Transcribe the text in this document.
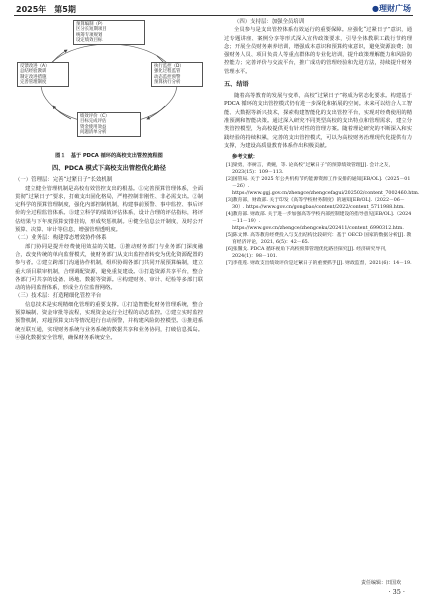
2025年　第5期	●理财广场
预算编制（P）
区分长短期项目
统筹专项规划
设定绩效目标
反馈改进（A）
总结经验教训
制定改进措施
完善管理制度
执行监控（D）
强化过程监管
动态监控预警
预算执行分析
绩效评价（C）
目标完成评估
资金使用效益
问题清单分析
图１　基于 PDCA 循环的高校支出管控流程图
四、PDCA 模式下高校支出管控优化路径

（一）管理层：完善“过紧日子”长效机制

建立健全管理机制是高校有效管控支出的根基。①完善预算管理体系，全面贯彻“过紧日子”要求，打破支出固化格局，严格控制非刚性、非必需支出。②制定科学的预算管理制度，强化内部控制机制，构建事前预警、事中监控、事后评价的全过程监管体系。③建立科学的绩效评估体系，设计合理的评估指标，将评估结果与下年度预算安排挂钩，形成奖惩机制。④健全信息公开制度，及时公开预算、决算、审计等信息，增强管理透明度。

（二）业务层：构建常态增效协作体系

部门协同是提升经费使用效益的关键。①推动财务部门与业务部门深度融合，改变传统的单向监督模式，使财务部门从支出监控者转变为优化资源配置的参与者。②建立跨部门沟通协作机制，组织协调各部门共同开展预算编制，建立重大项目联审机制，合理调配资源，避免重复建设。③打造资源共享平台，整合各部门可共享的设备、场地、数据等资源。④构建财务、审计、纪检等多部门联动的协同监督体系，形成全方位监督网络。

（三）技术层：打造精细化管控平台

信息技术是实现精细化管理的重要支撑。①打造智能化财务管理系统，整合预算编制、资金审批等流程，实现资金运行全过程的动态监控。②建立实时监控预警机制，对超预算支出等情况进行自动预警，并构建风险防控模型。③推进系统互联互通，实现财务系统与业务系统的数据共享和业务协同，打破信息孤岛。④强化数据安全管理，确保财务系统安全。

（四）支持层：加强全员培训

全员参与是支出管控体系有效运行的重要保障。应强化“过紧日子”意识，通过专题讲座、案例分享等形式深入宣传政策要求，引导全体教职工践行节约理念；开展全员财务素养培训，增强成本意识和预算约束意识，避免资源浪费；加强财务人员、项目负责人等重点群体的专业化培训，提升政策理解能力和风险防控能力；完善评价与交流平台，推广成功的管理经验和先进方法，持续提升财务管理水平。

五、结语

随着高等教育的发展与变革，高校“过紧日子”将成为常态化要求。构建基于 PDCA 循环的支出管控模式仍有进一步深化和拓展的空间。未来可以结合人工智能、大数据等新兴技术，探索构建智能化的支出管控平台，实现对经费使用的精准预测和智能决策。通过深入研究不同类型高校的支出特点和管理需求，建立分类管控模型，为高校提供更有针对性的管理方案。随着理论研究的不断深入和实践经验的持续积累，完善的支出管控模式，可以为高校财务治理现代化提供有力支撑，为建设高质量教育体系作出积极贡献。

参考文献：

[1]梁勇，李树言，黄婉，等. 论高校“过紧日子”的预算绩效管理[J]. 会计之友，2023(15)：109－113.

[2]国管局. 关于 2025 年公共机构节约能源资源工作安排的通知[EB/OL].（2025－01－26）. https://www.ggj.gov.cn/zhengce/zhengcefagui/202502/content_7002460.htm.

[3]教育部，财政部. 关于印发《高等学校财务制度》的通知[EB/OL].（2022－06－30）. https://www.gov.cn/gongbao/content/2022/content_5711988.htm.

[4]教育部. 财政部. 关于进一步加强高等学校内部控制建设的指导意见[EB/OL].（2024－11－19）. https://www.gov.cn/zhengce/zhengceku/202411/content_6990312.htm.

[5]陈文博. 高等教育经费投入与支出结构比较研究：基于 OECD 国家的数据分析[J]. 教育经济评论，2021, 6(5)：42－65.

[6]张馨戈. PDCA 循环视角下高校预算管理优化路径探究[J]. 经济研究导刊，2024(1)：98－101.

[7]李莲莲. 财政支出绩效评价是过紧日子的重要抓手[J]. 财政监督，2021(6)：14－19.

责任编辑：田国欢
· 35 ·
